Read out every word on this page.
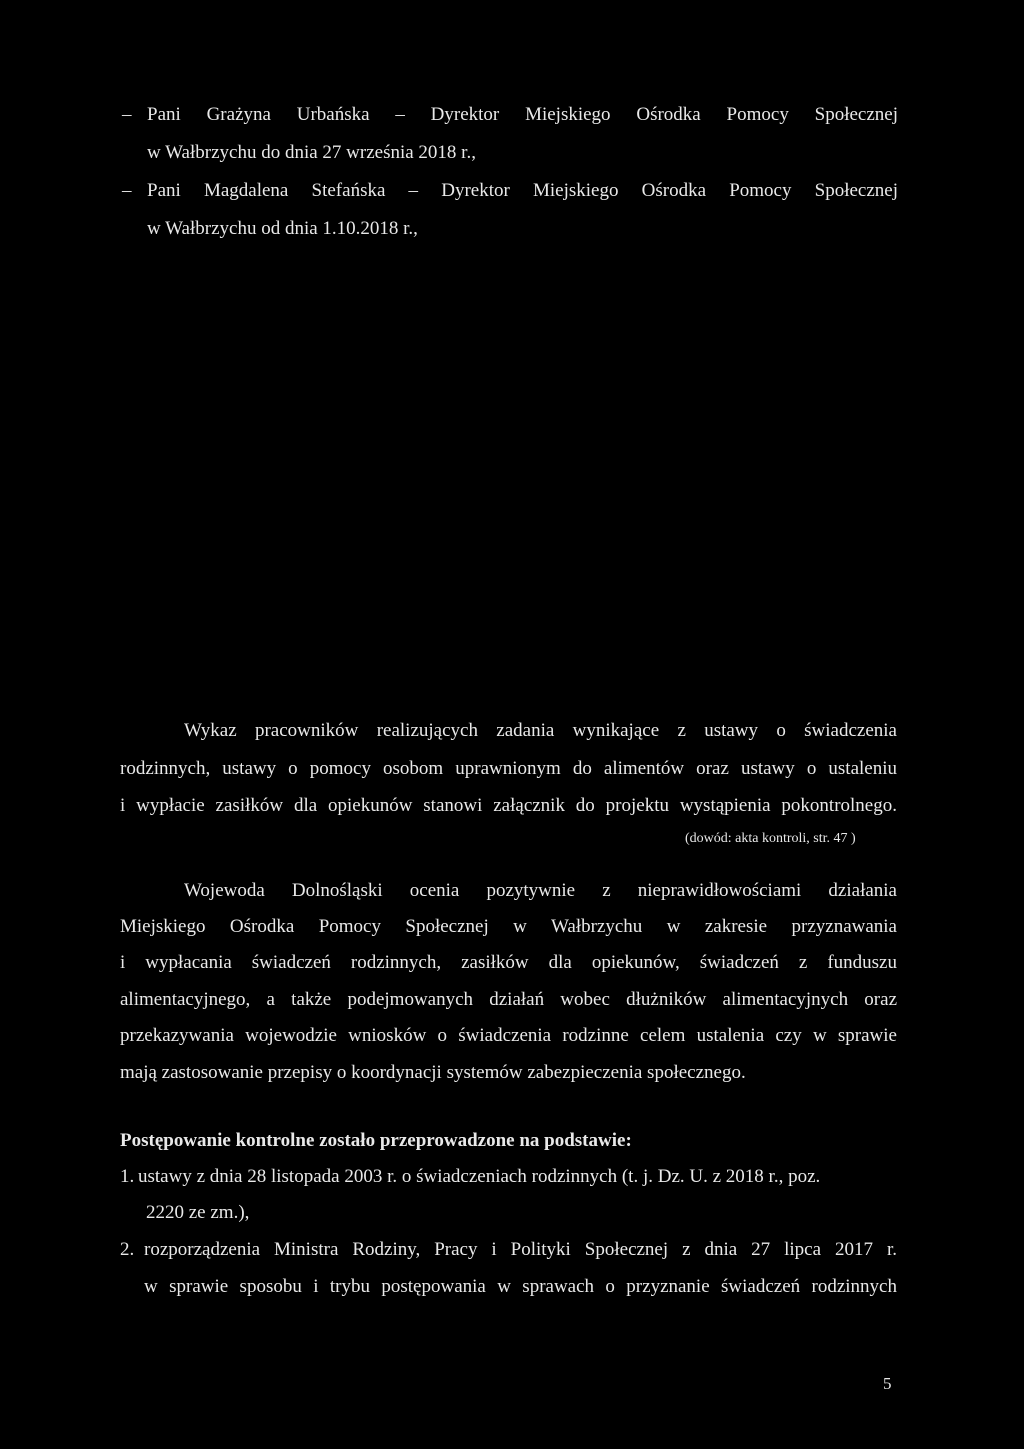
– Pani Grażyna Urbańska – Dyrektor Miejskiego Ośrodka Pomocy Społecznej
w Wałbrzychu do dnia 27 września 2018 r.,
– Pani Magdalena Stefańska – Dyrektor Miejskiego Ośrodka Pomocy Społecznej
w Wałbrzychu od dnia 1.10.2018 r.,
Wykaz pracowników realizujących zadania wynikające z ustawy o świadczenia
rodzinnych, ustawy o pomocy osobom uprawnionym do alimentów oraz ustawy o ustaleniu
i wypłacie zasiłków dla opiekunów stanowi załącznik do projektu wystąpienia pokontrolnego.
(dowód: akta kontroli, str. 47 )
Wojewoda Dolnośląski ocenia pozytywnie z nieprawidłowościami działania
Miejskiego Ośrodka Pomocy Społecznej w Wałbrzychu w zakresie przyznawania
i wypłacania świadczeń rodzinnych, zasiłków dla opiekunów, świadczeń z funduszu
alimentacyjnego, a także podejmowanych działań wobec dłużników alimentacyjnych oraz
przekazywania wojewodzie wniosków o świadczenia rodzinne celem ustalenia czy w sprawie
mają zastosowanie przepisy o koordynacji systemów zabezpieczenia społecznego.
Postępowanie kontrolne zostało przeprowadzone na podstawie:
1. ustawy z dnia 28 listopada 2003 r. o świadczeniach rodzinnych (t. j. Dz. U. z 2018 r., poz.
2220 ze zm.),
2. rozporządzenia Ministra Rodziny, Pracy i Polityki Społecznej z dnia 27 lipca 2017 r.
w sprawie sposobu i trybu postępowania w sprawach o przyznanie świadczeń rodzinnych
5
